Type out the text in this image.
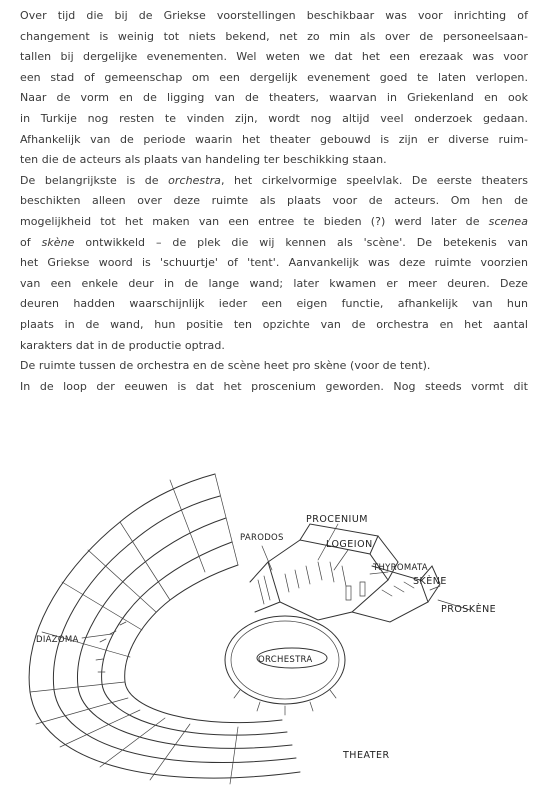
Over tijd die bij de Griekse voorstellingen beschikbaar was voor inrichting of
changement is weinig tot niets bekend, net zo min als over de personeelsaan-
tallen bij dergelijke evenementen. Wel weten we dat het een erezaak was voor
een stad of gemeenschap om een dergelijk evenement goed te laten verlopen.
Naar de vorm en de ligging van de theaters, waarvan in Griekenland en ook
in Turkije nog resten te vinden zijn, wordt nog altijd veel onderzoek gedaan.
Afhankelijk van de periode waarin het theater gebouwd is zijn er diverse ruim-
ten die de acteurs als plaats van handeling ter beschikking staan.
De belangrijkste is de orchestra, het cirkelvormige speelvlak. De eerste theaters
beschikten alleen over deze ruimte als plaats voor de acteurs. Om hen de
mogelijkheid tot het maken van een entree te bieden (?) werd later de scenea
of skène ontwikkeld – de plek die wij kennen als 'scène'. De betekenis van
het Griekse woord is 'schuurtje' of 'tent'. Aanvankelijk was deze ruimte voorzien
van een enkele deur in de lange wand; later kwamen er meer deuren. Deze
deuren hadden waarschijnlijk ieder een eigen functie, afhankelijk van hun
plaats in de wand, hun positie ten opzichte van de orchestra en het aantal
karakters dat in de productie optrad.
De ruimte tussen de orchestra en de scène heet pro skène (voor de tent).
In de loop der eeuwen is dat het proscenium geworden. Nog steeds vormt dit
PARODOS
PROCENIUM
LOGEION
THYROMATA
SKÈNE
PROSKÈNE
DIAZOMA
ORCHESTRA
THEATER
